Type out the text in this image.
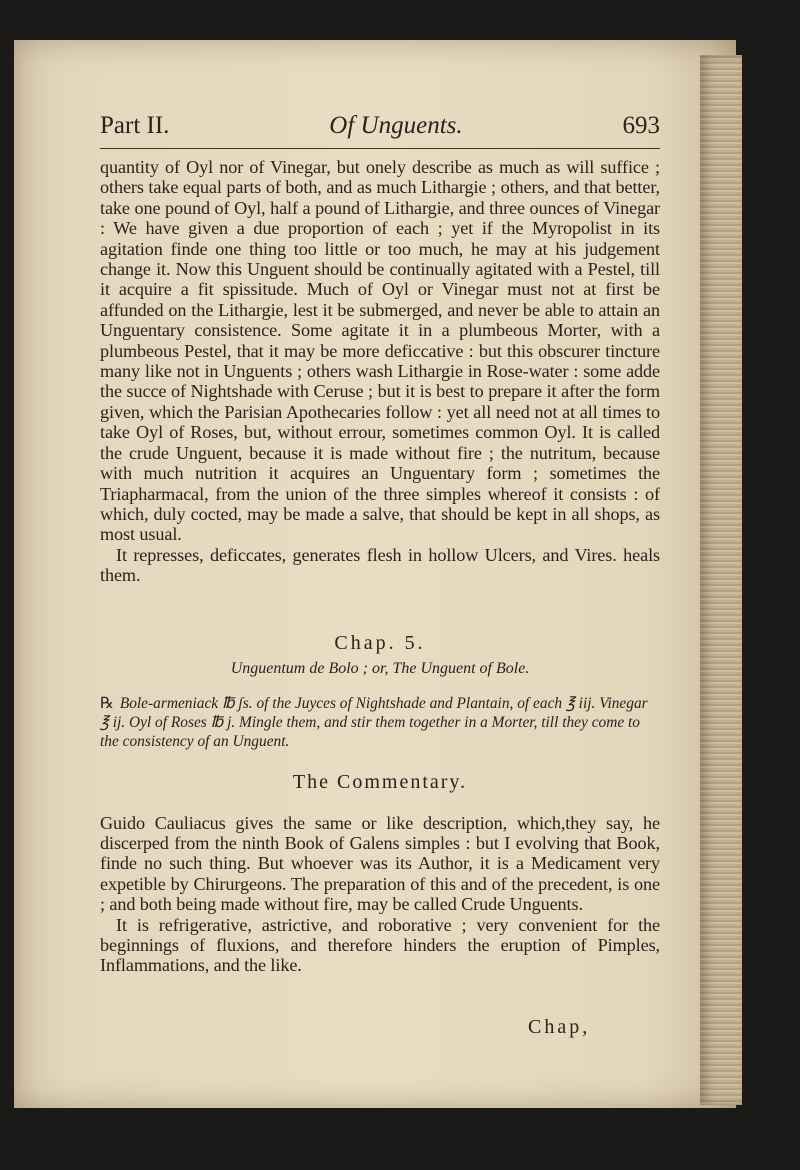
Part II.	Of Unguents.	693

quantity of Oyl nor of Vinegar, but onely describe as much as will suffice ; others take equal parts of both, and as much Lithargie ; others, and that better, take one pound of Oyl, half a pound of Lithargie, and three ounces of Vinegar : We have given a due proportion of each ; yet if the Myropolist in its agitation finde one thing too little or too much, he may at his judgement change it. Now this Unguent should be continually agitated with a Pestel, till it acquire a fit spissitude. Much of Oyl or Vinegar must not at first be affunded on the Lithargie, lest it be submerged, and never be able to attain an Unguentary consistence. Some agitate it in a plumbeous Morter, with a plumbeous Pestel, that it may be more deficcative : but this obscurer tincture many like not in Unguents ; others wash Lithargie in Rose-water : some adde the succe of Nightshade with Ceruse ; but it is best to prepare it after the form given, which the Parisian Apothecaries follow : yet all need not at all times to take Oyl of Roses, but, without errour, sometimes common Oyl. It is called the crude Unguent, because it is made without fire ; the nutritum, because with much nutrition it acquires an Unguentary form ; sometimes the Triapharmacal, from the union of the three simples whereof it consists : of which, duly cocted, may be made a salve, that should be kept in all shops, as most usual.

It represses, deficcates, generates flesh in hollow Ulcers, and Vires. heals them.

Chap. 5.
Unguentum de Bolo ; or, The Unguent of Bole.

℞ Bole-armeniack ℔ ʃs. of the Juyces of Nightshade and Plantain, of each ℥ iij. Vinegar ℥ ij. Oyl of Roses ℔ j. Mingle them, and stir them together in a Morter, till they come to the consistency of an Unguent.

The Commentary.

Guido Cauliacus gives the same or like description, which,they say, he discerped from the ninth Book of Galens simples : but I evolving that Book, finde no such thing. But whoever was its Author, it is a Medicament very expetible by Chirurgeons. The preparation of this and of the precedent, is one ; and both being made without fire, may be called Crude Unguents.

It is refrigerative, astrictive, and roborative ; very convenient for the beginnings of fluxions, and therefore hinders the eruption of Pimples, Inflammations, and the like.

Chap,
